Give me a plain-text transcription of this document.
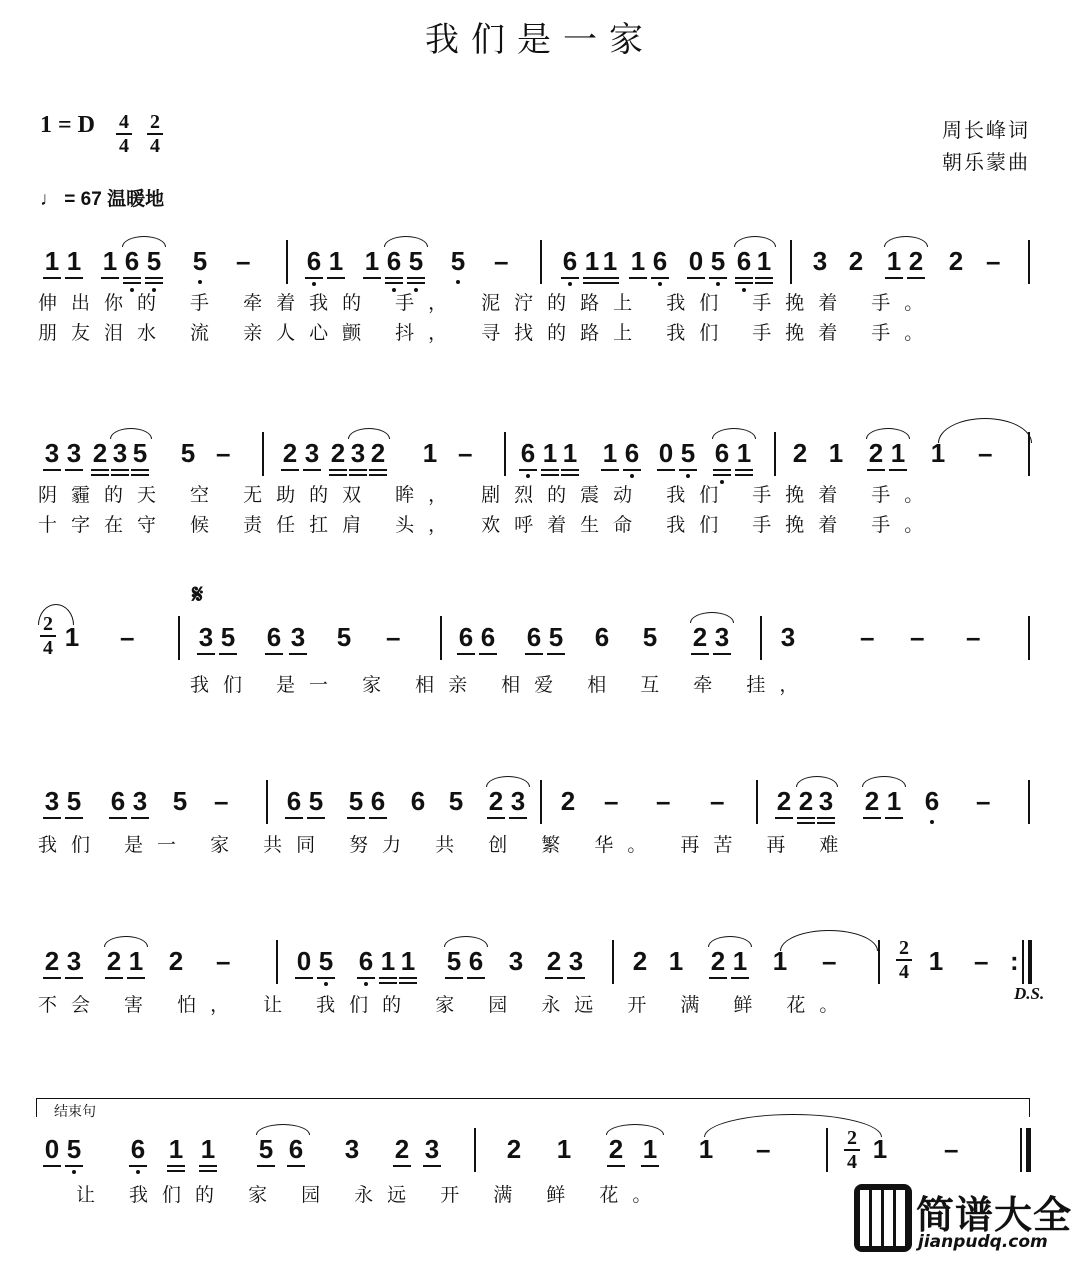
我们是一家
周长峰词
朝乐蒙曲
1 = D 4
4
2
4
♩ = 67 温暖地
1 1 1 6 5 5	6 1 1 6 5 5	6 1 1 1 6 0 5 6 1 3 2 1 2 2
–	–	–
3 3 2 3 5 5	2 3 2 3 2 1	6 1 1 1 6 0 5 6 1 2 1 2 1 1
–	–	–
1	3 5 6 3 5	6 6 6 5 6 5 2 3 3
–	–	– – –
2
4
3 5 6 3 5	6 5 5 6 6 5 2 3 2	2 2 3 2 1 6
–	– – –	–
2 3 2 1 2	0 5 6 1 1 5 6 3 2 3 2 1 2 1 1	1
–	–	–
2
4	:
0 5 6 1 1 5 6 3 2 3	2 1 2 1 1	1
–	–
2
4
伸出你的 手 牵着我的 手， 泥泞的路上 我们 手挽着 手。
朋友泪水 流 亲人心颤 抖， 寻找的路上 我们 手挽着 手。
阴霾的天 空 无助的双 眸， 剧烈的震动 我们 手挽着 手。
十字在守 候 责任扛肩 头， 欢呼着生命 我们 手挽着 手。
我们 是一 家 相亲 相爱 相 互 牵 挂，
我们 是一 家 共同 努力 共 创 繁 华。 再苦 再 难
不会 害 怕， 让 我们的 家 园 永远 开 满 鲜 花。
让 我们的 家 园 永远 开 满 鲜 花。
𝄋
D.S.
结束句
简谱大全
jianpudq.com
